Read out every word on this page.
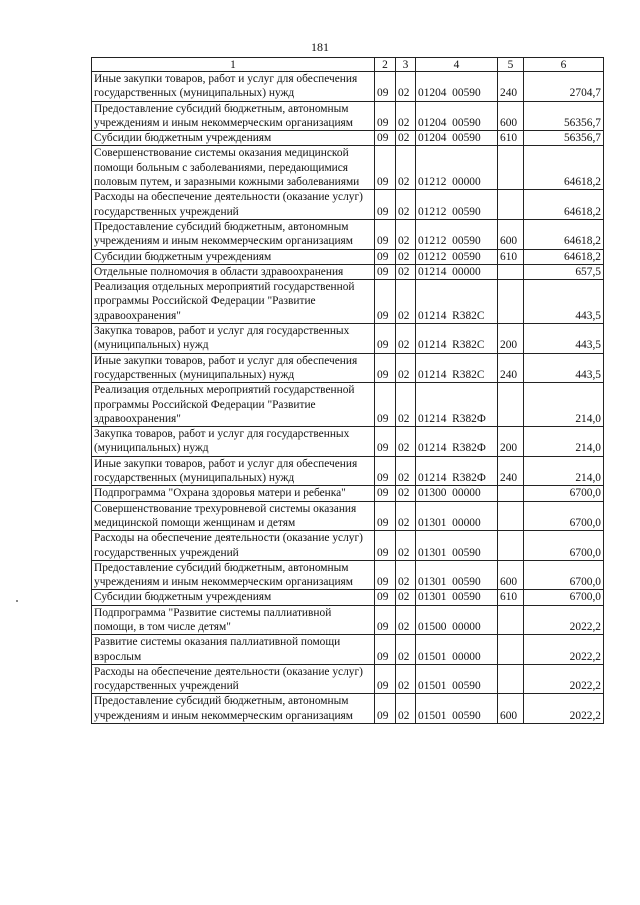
181
1	2	3	4	5	6
Иные закупки товаров, работ и услуг для обеспечения государственных (муниципальных) нужд	09	02	01204  00590	240	2704,7
Предоставление субсидий бюджетным, автономным учреждениям и иным некоммерческим организациям	09	02	01204  00590	600	56356,7
Субсидии бюджетным учреждениям	09	02	01204  00590	610	56356,7
Совершенствование системы оказания медицинской помощи больным с заболеваниями, передающимися половым путем, и заразными кожными заболеваниями	09	02	01212  00000		64618,2
Расходы на обеспечение деятельности (оказание услуг) государственных учреждений	09	02	01212  00590		64618,2
Предоставление субсидий бюджетным, автономным учреждениям и иным некоммерческим организациям	09	02	01212  00590	600	64618,2
Субсидии бюджетным учреждениям	09	02	01212  00590	610	64618,2
Отдельные полномочия в области здравоохранения	09	02	01214  00000		657,5
Реализация отдельных мероприятий государственной программы Российской Федерации "Развитие здравоохранения"	09	02	01214  R382C		443,5
Закупка товаров, работ и услуг для государственных (муниципальных) нужд	09	02	01214  R382C	200	443,5
Иные закупки товаров, работ и услуг для обеспечения государственных (муниципальных) нужд	09	02	01214  R382C	240	443,5
Реализация отдельных мероприятий государственной программы Российской Федерации "Развитие здравоохранения"	09	02	01214  R382Ф		214,0
Закупка товаров, работ и услуг для государственных (муниципальных) нужд	09	02	01214  R382Ф	200	214,0
Иные закупки товаров, работ и услуг для обеспечения государственных (муниципальных) нужд	09	02	01214  R382Ф	240	214,0
Подпрограмма "Охрана здоровья матери и ребенка"	09	02	01300  00000		6700,0
Совершенствование трехуровневой системы оказания медицинской помощи женщинам и детям	09	02	01301  00000		6700,0
Расходы на обеспечение деятельности (оказание услуг) государственных учреждений	09	02	01301  00590		6700,0
Предоставление субсидий бюджетным, автономным учреждениям и иным некоммерческим организациям	09	02	01301  00590	600	6700,0
Субсидии бюджетным учреждениям	09	02	01301  00590	610	6700,0
Подпрограмма "Развитие системы паллиативной помощи, в том числе детям"	09	02	01500  00000		2022,2
Развитие системы оказания паллиативной помощи взрослым	09	02	01501  00000		2022,2
Расходы на обеспечение деятельности (оказание услуг) государственных учреждений	09	02	01501  00590		2022,2
Предоставление субсидий бюджетным, автономным учреждениям и иным некоммерческим организациям	09	02	01501  00590	600	2022,2
